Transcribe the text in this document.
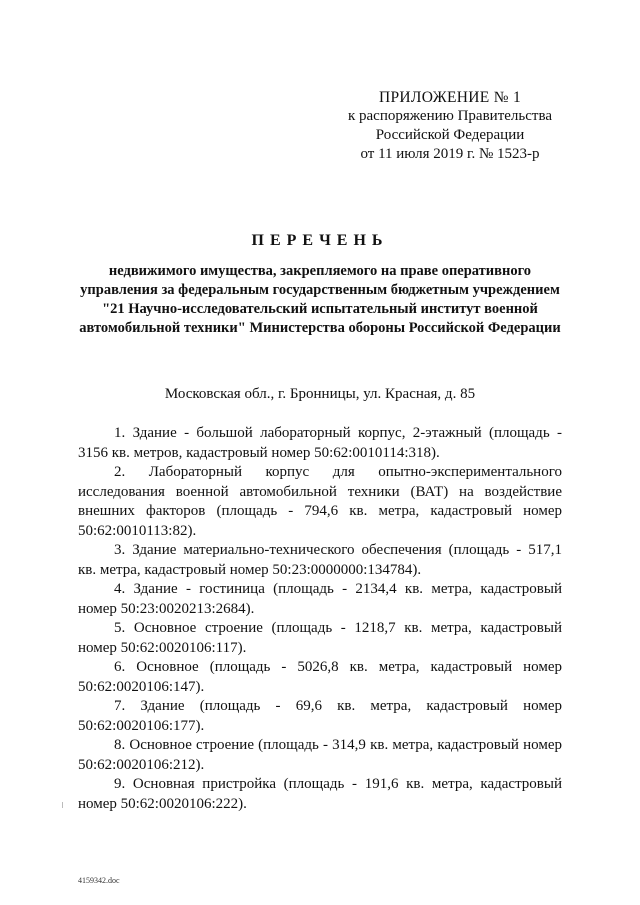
ПРИЛОЖЕНИЕ № 1
к распоряжению Правительства
Российской Федерации
от 11 июля 2019 г. № 1523-р
ПЕРЕЧЕНЬ
недвижимого имущества, закрепляемого на праве оперативного управления за федеральным государственным бюджетным учреждением "21 Научно-исследовательский испытательный институт военной автомобильной техники" Министерства обороны Российской Федерации
Московская обл., г. Бронницы, ул. Красная, д. 85

1. Здание - большой лабораторный корпус, 2-этажный (площадь - 3156 кв. метров, кадастровый номер 50:62:0010114:318).

2. Лабораторный корпус для опытно-экспериментального исследования военной автомобильной техники (ВАТ) на воздействие внешних факторов (площадь - 794,6 кв. метра, кадастровый номер 50:62:0010113:82).

3. Здание материально-технического обеспечения (площадь - 517,1 кв. метра, кадастровый номер 50:23:0000000:134784).

4. Здание - гостиница (площадь - 2134,4 кв. метра, кадастровый номер 50:23:0020213:2684).

5. Основное строение (площадь - 1218,7 кв. метра, кадастровый номер 50:62:0020106:117).

6. Основное (площадь - 5026,8 кв. метра, кадастровый номер 50:62:0020106:147).

7. Здание (площадь - 69,6 кв. метра, кадастровый номер 50:62:0020106:177).

8. Основное строение (площадь - 314,9 кв. метра, кадастровый номер 50:62:0020106:212).

9. Основная пристройка (площадь - 191,6 кв. метра, кадастровый номер 50:62:0020106:222).

4159342.doc
